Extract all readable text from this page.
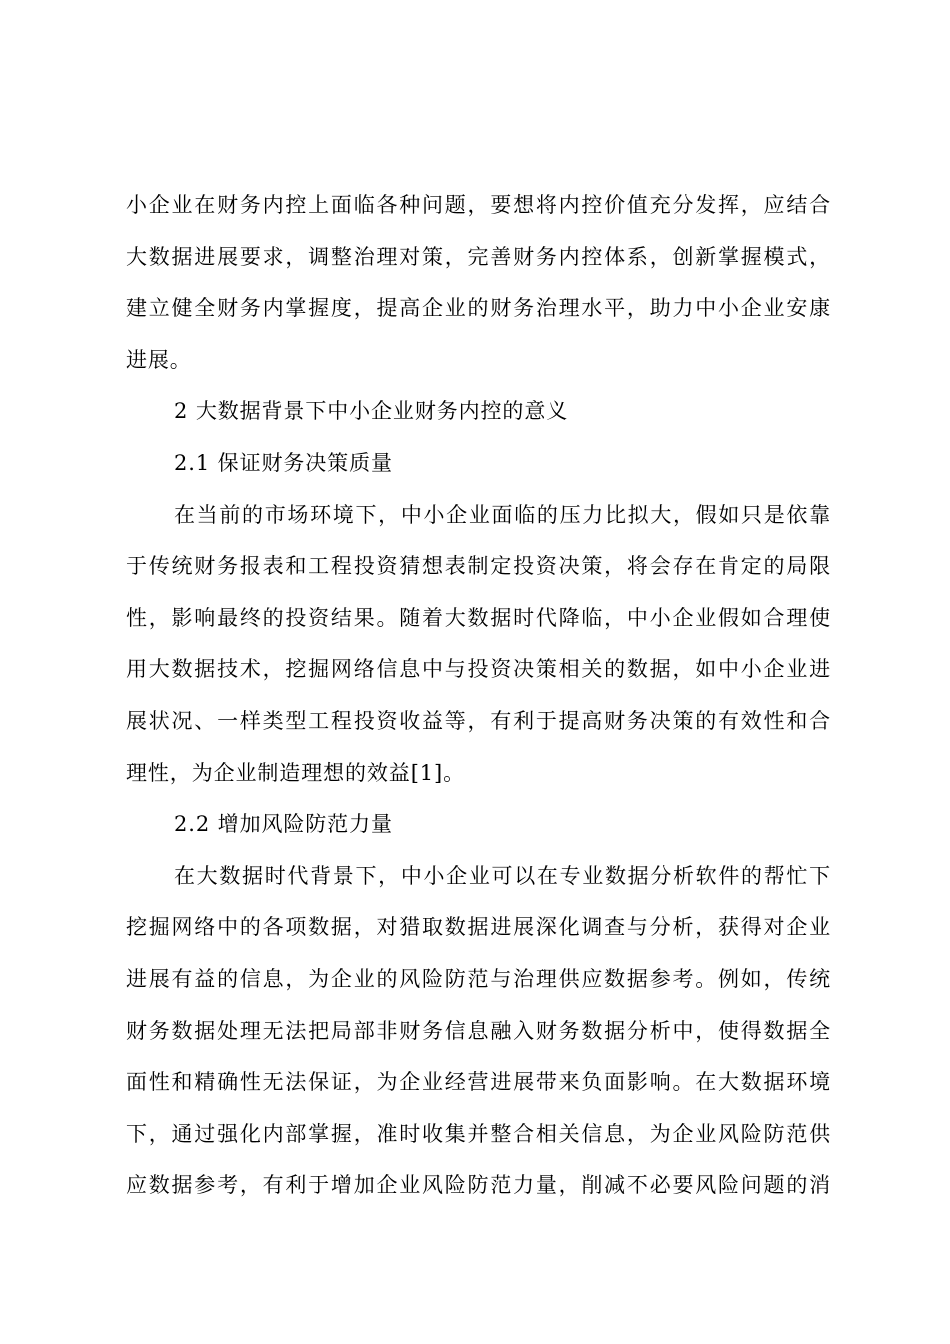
小企业在财务内控上面临各种问题，要想将内控价值充分发挥，应结合
大数据进展要求，调整治理对策，完善财务内控体系，创新掌握模式，
建立健全财务内掌握度，提高企业的财务治理水平，助力中小企业安康
进展。
2 大数据背景下中小企业财务内控的意义
2.1 保证财务决策质量
在当前的市场环境下，中小企业面临的压力比拟大，假如只是依靠
于传统财务报表和工程投资猜想表制定投资决策，将会存在肯定的局限
性，影响最终的投资结果。随着大数据时代降临，中小企业假如合理使
用大数据技术，挖掘网络信息中与投资决策相关的数据，如中小企业进
展状况、一样类型工程投资收益等，有利于提高财务决策的有效性和合
理性，为企业制造理想的效益[1]。
2.2 增加风险防范力量
在大数据时代背景下，中小企业可以在专业数据分析软件的帮忙下
挖掘网络中的各项数据，对猎取数据进展深化调查与分析，获得对企业
进展有益的信息，为企业的风险防范与治理供应数据参考。例如，传统
财务数据处理无法把局部非财务信息融入财务数据分析中，使得数据全
面性和精确性无法保证，为企业经营进展带来负面影响。在大数据环境
下，通过强化内部掌握，准时收集并整合相关信息，为企业风险防范供
应数据参考，有利于增加企业风险防范力量，削减不必要风险问题的消
